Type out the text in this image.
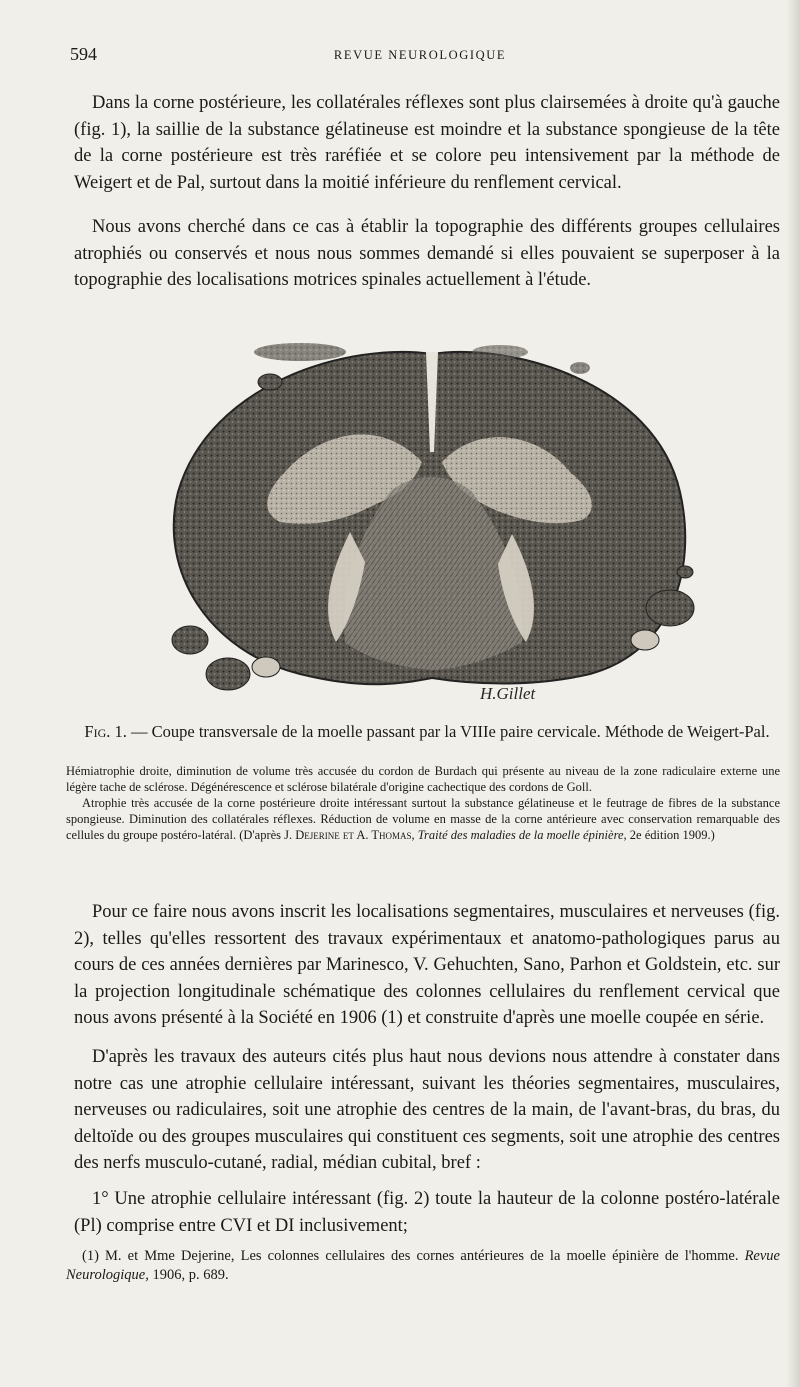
594	REVUE NEUROLOGIQUE

Dans la corne postérieure, les collatérales réflexes sont plus clairsemées à droite qu'à gauche (fig. 1), la saillie de la substance gélatineuse est moindre et la substance spongieuse de la tête de la corne postérieure est très raréfiée et se colore peu intensivement par la méthode de Weigert et de Pal, surtout dans la moitié inférieure du renflement cervical.

Nous avons cherché dans ce cas à établir la topographie des différents groupes cellulaires atrophiés ou conservés et nous nous sommes demandé si elles pouvaient se superposer à la topographie des localisations motrices spinales actuellement à l'étude.

H.Gillet
Fig. 1. — Coupe transversale de la moelle passant par la VIIIe paire cervicale. Méthode de Weigert-Pal.

Hémiatrophie droite, diminution de volume très accusée du cordon de Burdach qui présente au niveau de la zone radiculaire externe une légère tache de sclérose. Dégénérescence et sclérose bilatérale d'origine cachectique des cordons de Goll.

Atrophie très accusée de la corne postérieure droite intéressant surtout la substance gélatineuse et le feutrage de fibres de la substance spongieuse. Diminution des collatérales réflexes. Réduction de volume en masse de la corne antérieure avec conservation remarquable des cellules du groupe postéro-latéral. (D'après J. Dejerine et A. Thomas, Traité des maladies de la moelle épinière, 2e édition 1909.)

Pour ce faire nous avons inscrit les localisations segmentaires, musculaires et nerveuses (fig. 2), telles qu'elles ressortent des travaux expérimentaux et anatomo-pathologiques parus au cours de ces années dernières par Marinesco, V. Gehuchten, Sano, Parhon et Goldstein, etc. sur la projection longitudinale schématique des colonnes cellulaires du renflement cervical que nous avons présenté à la Société en 1906 (1) et construite d'après une moelle coupée en série.

D'après les travaux des auteurs cités plus haut nous devions nous attendre à constater dans notre cas une atrophie cellulaire intéressant, suivant les théories segmentaires, musculaires, nerveuses ou radiculaires, soit une atrophie des centres de la main, de l'avant-bras, du bras, du deltoïde ou des groupes musculaires qui constituent ces segments, soit une atrophie des centres des nerfs musculo-cutané, radial, médian cubital, bref :

1° Une atrophie cellulaire intéressant (fig. 2) toute la hauteur de la colonne postéro-latérale (Pl) comprise entre CVI et DI inclusivement;

(1) M. et Mme Dejerine, Les colonnes cellulaires des cornes antérieures de la moelle épinière de l'homme. Revue Neurologique, 1906, p. 689.
